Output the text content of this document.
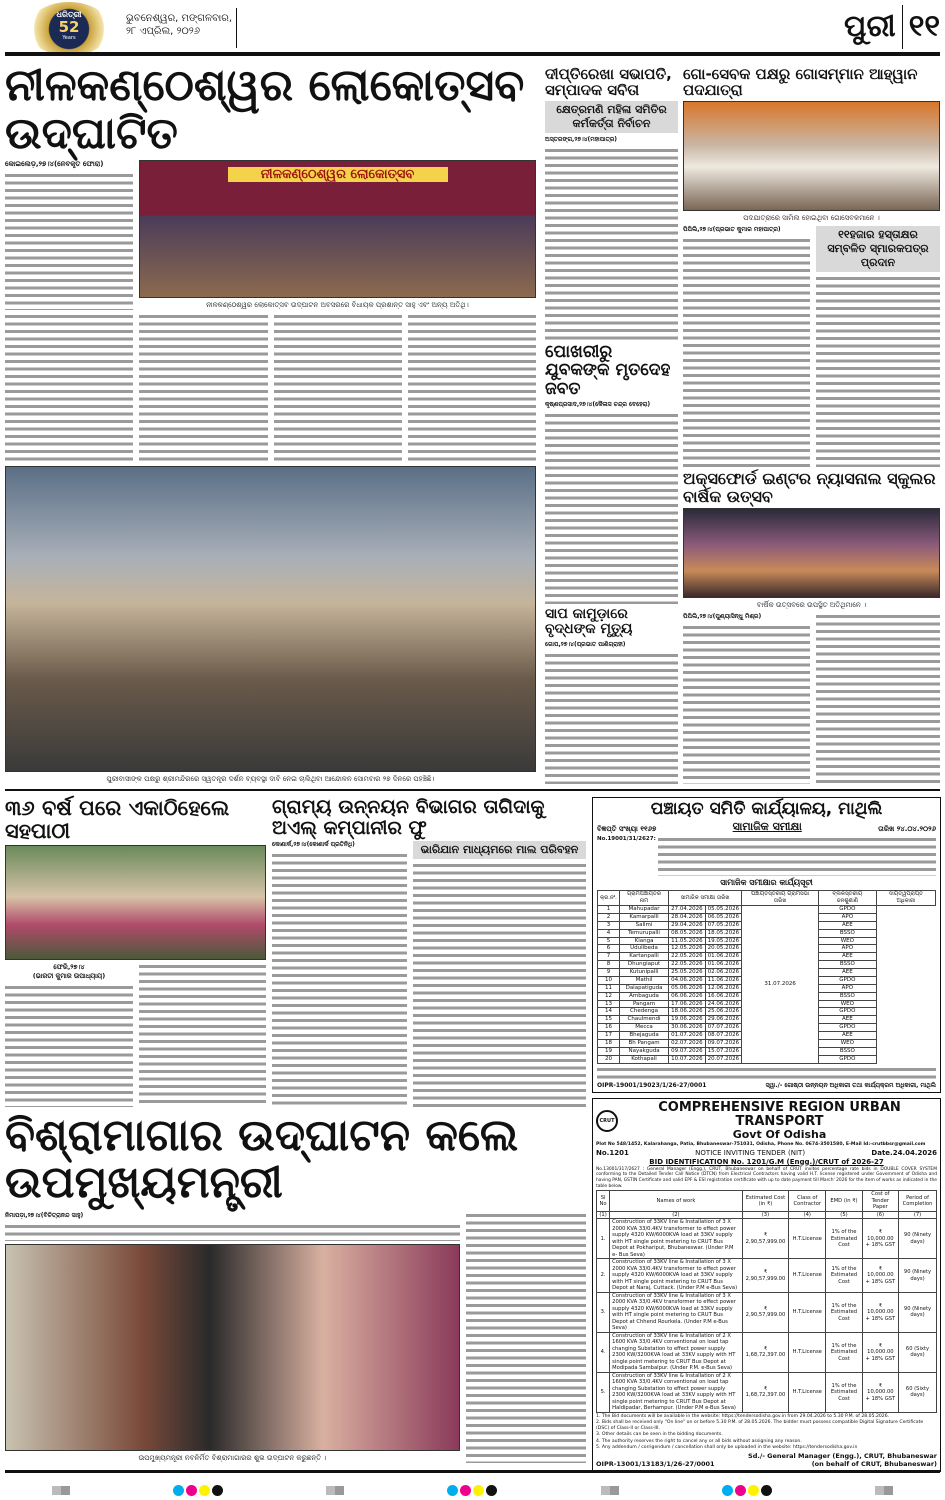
ଧରିତ୍ରୀ
52
Years
ଭୁବନେଶ୍ୱର, ମଙ୍ଗଳବାର,
୨୮ ଏପ୍ରିଲ, ୨୦୨୬	ପୁରୀ ୧୧
ନୀଳକଣ୍ଠେଶ୍ୱର ଲୋକୋତ୍ସବ ଉଦ୍‌ଘାଟିତ
କୋଇଲେଡ଼,୨୭।୪(ନେବକୃତ ଫୋରା)
ନୀଳକଣ୍ଠେଶ୍ୱର ଲୋକୋତ୍ସବ
ନୀଳକଣ୍ଠେଶ୍ୱର ଲୋକୋତ୍ସବ ଉଦ୍‌ଘାଟନ ଅବସରରେ ବିଧାୟକ ପ୍ରଶାନ୍ତ ସାହୁ ଏବଂ ଅନ୍ୟ ଅତିଥି।
ପୁରୀବାସୀଙ୍କ ପକ୍ଷରୁ ଶ୍ରୀମନ୍ଦିରରେ ସ୍ୱତନ୍ତ୍ର ଦର୍ଶନ ବ୍ୟବସ୍ଥା ଦାବି ନେଇ ଚାଲିଥିବା ଆନ୍ଦୋଳନ ସୋମବାର ୨୭ ଦିନରେ ପହଞ୍ଚିଛି।
ଦୀପ୍ତିରେଖା ସଭାପତି, ସମ୍ପାଦକ ସବିତା
କ୍ଷେତ୍ରମଣି ମହିଳା ସମିତିର କର୍ମକର୍ତ୍ତା ନିର୍ବାଚନ
ଅସ୍ତରଙ୍ଗ,୨୭।୪(ମହାପାତ୍ର)
ପୋଖରୀରୁ ଯୁବକଙ୍କ ମୃତଦେହ ଜବତ
କୃଷ୍ଣପ୍ରସାଦ,୨୭।୪(କୈଳାସ ଚନ୍ଦ୍ର ବେହେରା)
ସାପ କାମୁଡ଼ାରେ ବୃଦ୍ଧଙ୍କ ମୃତ୍ୟୁ
ଗୋପ,୨୭।୪(ପ୍ରଭାତ ପାଣିଗ୍ରାହୀ)
ଗୋ-ସେବକ ପକ୍ଷରୁ ଗୋସମ୍ମାନ ଆହ୍ୱାନ ପଦଯାତ୍ରା
ପଦଯାତ୍ରାରେ ସାମିଲ ହୋଇଥିବା ଗୋସେବକମାନେ ।
ପିପିଲି,୨୭।୪(ପ୍ରଭାତ କୁମାର ମହାପାତ୍ର)	୧୧ହଜାର ହସ୍ତାକ୍ଷର ସମ୍ବଳିତ ସ୍ମାରକପତ୍ର ପ୍ରଦାନ
ଅକ୍ସଫୋର୍ଡ ଇଣ୍ଟର ନ୍ୟାସନାଲ ସ୍କୁଲର ବାର୍ଷିକ ଉତ୍ସବ
ବାର୍ଷିକ ଉତ୍ସବରେ ଉପସ୍ଥିତ ଅତିଥିମାନେ ।
ପିପିଲି,୨୭।୪(ପୁଣ୍ୟାସିନ୍ଧୁ ମିଶ୍ର)
୩୬ ବର୍ଷ ପରେ ଏକାଠିହେଲେ ସହପାଠୀ
ଫେରି,୨୭।୪
(ଭାରତୀ କୁମାର ଉପାଧ୍ୟାୟ)
ଗ୍ରାମ୍ୟ ଉନ୍ନୟନ ବିଭାଗର ତାଗିଦାକୁ ଅଏଲ୍ କମ୍ପାନୀର ଫୁ
କୋଣାର୍କ,୨୭।୪(କୋଣାର୍କ ପ୍ରତିନିଧି)	ଭାରିଯାନ ମାଧ୍ୟମରେ ମାଲ ପରିବହନ
ବିଶ୍ରାମାଗାର ଉଦ୍‌ଘାଟନ କଲେ ଉପମୁଖ୍ୟମନ୍ତ୍ରୀ
ନିମାପଡ଼ା,୨୭।୪(ବିଚିତ୍ରାନନ୍ଦ ସାହୁ)
ଉପମୁଖ୍ୟମନ୍ତ୍ରୀ ନବନିର୍ମିତ ବିଶ୍ରାମାଗାରର ଶୁଭ ଉଦ୍‌ଘାଟନ କରୁଛନ୍ତି ।
ପଞ୍ଚାୟତ ସମିତି କାର୍ଯ୍ୟାଳୟ, ମାଥିଲି
ବିଜ୍ଞପ୍ତି ସଂଖ୍ୟା ୧୧୬୭	ସାମାଜିକ ସମୀକ୍ଷା	ତାରିଖ ୨୪.୦୪.୨୦୨୬
No.19001/31/2627:
ସାମାଜିକ ସମୀକ୍ଷାର କାର୍ଯ୍ୟସୂଚୀ
କ୍ର.ନଂ.	ଗ୍ରାମପଞ୍ଚାୟତର ନାମ	ସାମାଜିକ ସମୀକ୍ଷା ତାରିଖ		ପଞ୍ଚାୟତସ୍ତରୀୟ ଗ୍ରାମସଭା ତାରିଖ	ବ୍ଲକସ୍ତରୀୟ ଜନଶୁଣାଣି	ଦାୟିତ୍ୱପ୍ରାପ୍ତ ଅଧିକାରୀ
1	Mahupadar	27.04.2026	05.05.2026	31.07.2026	GPDO	
2	Kamarpalli	28.04.2026	06.05.2026		APO	
3	Salimi	29.04.2026	07.05.2026		AEE	
4	Temurupalli	08.05.2026	18.05.2026		BSSO	
5	Kianga	11.05.2026	19.05.2026		WEO	
6	Udulibeda	12.05.2026	20.05.2026		APO	
7	Kartanpalli	22.05.2026	01.06.2026		AEE	
8	Dhungiaput	22.05.2026	01.06.2026		BSSO	
9	Kutunipalli	25.05.2026	02.06.2026		AEE	
10	Mathil	04.06.2026	11.06.2026		GPDO	
11	Dalapatiguda	05.06.2026	12.06.2026		APO	
12	Ambaguda	06.06.2026	16.06.2026		BSSO	
13	Pangam	17.06.2026	24.06.2026		WEO	
14	Chedenga	18.06.2026	25.06.2026		GPDO	
15	Chaulmendi	19.06.2026	29.06.2026		AEE	
16	Mecca	30.06.2026	07.07.2026		GPDO	
17	Bhejaguda	01.07.2026	08.07.2026		AEE	
18	Bh Pangam	02.07.2026	09.07.2026		WEO	
19	Nayakguda	09.07.2026	15.07.2026		BSSO	
20	Kothapali	10.07.2026	20.07.2026		GPDO	
OIPR-19001/19023/1/26-27/0001	ସ୍ୱା./- ଗୋଷ୍ଠୀ ଉନ୍ନୟନ ଅଧିକାରୀ ତଥା କାର୍ଯ୍ୟକ୍ରମ ଅଧିକାରୀ, ମାଥିଲି
CRUT
COMPREHENSIVE REGION URBAN TRANSPORT
Govt Of Odisha
Plot No 548/1452, Kalarahanga, Patia, Bhubaneswar-751031, Odisha, Phone No. 0674-3501580, E-Mail Id:-crutbbsr@gmail.com
No.1201	NOTICE INVITING TENDER (NIT)	Date.24.04.2026
BID IDENTIFICATION No. 1201/G.M (Engg.)/CRUT of 2026-27
No.13001/317/2627 : General Manager (Engg.), CRUT, Bhubaneswar on behalf of CRUT invites percentage rate bids in DOUBLE COVER SYSTEM conforming to the Detailed Tender Call Notice (DTCN) from Electrical Contractors having valid H.T. license registered under Government of Odisha and having PAN, GSTIN Certificate and valid EPF & ESI registration certificate with up to date payment till March' 2026 for the item of works as indicated in the table below.
Sl No	Names of work	Estimated Cost (in ₹)	Class of Contractor	EMD (in ₹)	Cost of Tender Paper	Period of Completion
(1)	(2)	(3)	(4)	(5)	(6)	(7)
1.	Construction of 33KV line & Installation of 3 X 2000 KVA 33/0.4KV transformer to effect power supply 4320 KW/6000KVA load at 33KV supply with HT single point metering to CRUT Bus Depot at Pokhariput, Bhubaneswar. (Under P.M e- Bus Seva)	₹ 2,90,57,999.00	H.T.License	1% of the Estimated Cost	₹ 10,000.00 + 18% GST	90 (Ninety days)
2.	Construction of 33KV line & Installation of 3 X 2000 KVA 33/0.4KV transformer to effect power supply 4320 KW/6000KVA load at 33KV supply with HT single point metering to CRUT Bus Depot at Naraj, Cuttack. (Under P.M e-Bus Seva)	₹ 2,90,57,999.00	H.T.License	1% of the Estimated Cost	₹ 10,000.00 + 18% GST	90 (Ninety days)
3.	Construction of 33KV line & Installation of 3 X 2000 KVA 33/0.4KV transformer to effect power supply 4320 KW/6000KVA load at 33KV supply with HT single point metering to CRUT Bus Depot at Chhend Rourkela. (Under P.M e-Bus Seva)	₹ 2,90,57,999.00	H.T.License	1% of the Estimated Cost	₹ 10,000.00 + 18% GST	90 (Ninety days)
4.	Construction of 33KV line & Installation of 2 X 1600 KVA 33/0.4KV conventional on load tap changing Substation to effect power supply 2300 KW/3200KVA load at 33KV supply with HT single point metering to CRUT Bus Depot at Modipada Sambalpur. (Under P.M. e-Bus Seva)	₹ 1,68,72,397.00	H.T.License	1% of the Estimated Cost	₹ 10,000.00 + 18% GST	60 (Sixty days)
5.	Construction of 33KV line & Installation of 2 X 1600 KVA 33/0.4KV conventional on load tap changing Substation to effect power supply 2300 KW/3200KVA load at 33KV supply with HT single point metering to CRUT Bus Depot at Haldipadar, Berhampur. (Under P.M e-Bus Seva)	₹ 1,68,72,397.00	H.T.License	1% of the Estimated Cost	₹ 10,000.00 + 18% GST	60 (Sixty days)
1. The Bid documents will be available in the website: https://tendersodisha.gov.in from 29.04.2026 to 5.30 P.M. of 28.05.2026.
2. Bids shall be received only "On line" on or before 5.30 P.M. of 28.05.2026. The bidder must possess compatible Digital Signature Certificate (DSC) of Class-II or Class-III.
3. Other details can be seen in the bidding documents.
4. The authority reserves the right to cancel any or all bids without assigning any reason.
5. Any addendum / corrigendum / cancellation shall only be uploaded in the website: https://tendersodisha.gov.in
Sd./- General Manager (Engg.), CRUT, Bhubaneswar
OIPR-13001/13183/1/26-27/0001	(on behalf of CRUT, Bhubaneswar)
